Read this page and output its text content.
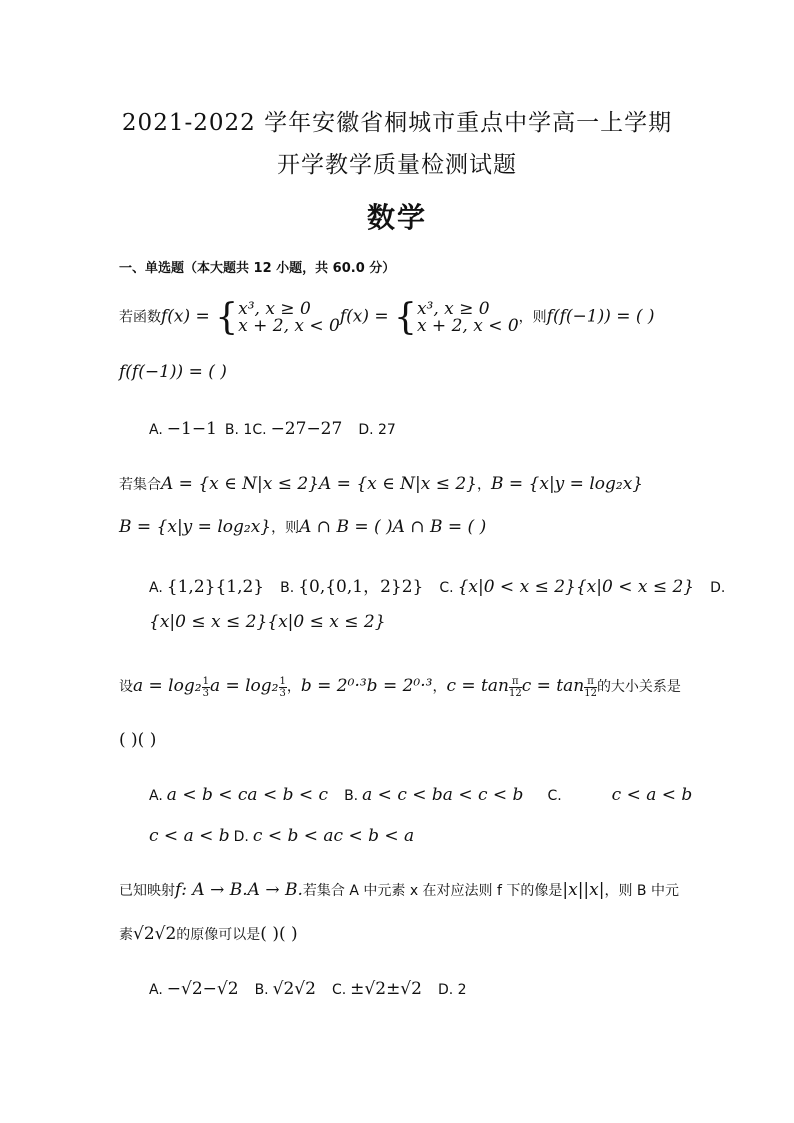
2021-2022 学年安徽省桐城市重点中学高一上学期
开学教学质量检测试题
数学
一、单选题（本大题共 12 小题，共 60.0 分）
若函数f(x) = { x³, x ≥ 0
x + 2, x < 0 f(x) = { x³, x ≥ 0
x + 2, x < 0 ，则f(f(−1)) = ( )
f(f(−1)) = ( )
A. −1−1 B. 1C. −27−27 D. 27
若集合A = {x ∈ N|x ≤ 2}A = {x ∈ N|x ≤ 2}，B = {x|y = log₂x}
B = {x|y = log₂x}，则A ∩ B = ( )A ∩ B = ( )
A. {1,2}{1,2} B. {0,{0,1，2}2} C. {x|0 < x ≤ 2}{x|0 < x ≤ 2} D.
{x|0 ≤ x ≤ 2}{x|0 ≤ x ≤ 2}
设$a = \log_2 \frac{1}{3}$ $a = \log_2 \frac{1}{3}$ ，b = 2⁰·³b = 2⁰·³，$c = \tan \frac{\pi}{12}$ $c = \tan \frac{\pi}{12}$ 的大小关系是
( )( )
A. a < b < ca < b < c B. a < c < ba < c < b C.	c < a < b
c < a < b D. c < b < ac < b < a
已知映射f: A → B.A → B.若集合 A 中元素 x 在对应法则 f 下的像是|x||x|，则 B 中元
素√2√2的原像可以是( )( )
A. −√2−√2 B. √2√2 C. ±√2±√2 D. 2
